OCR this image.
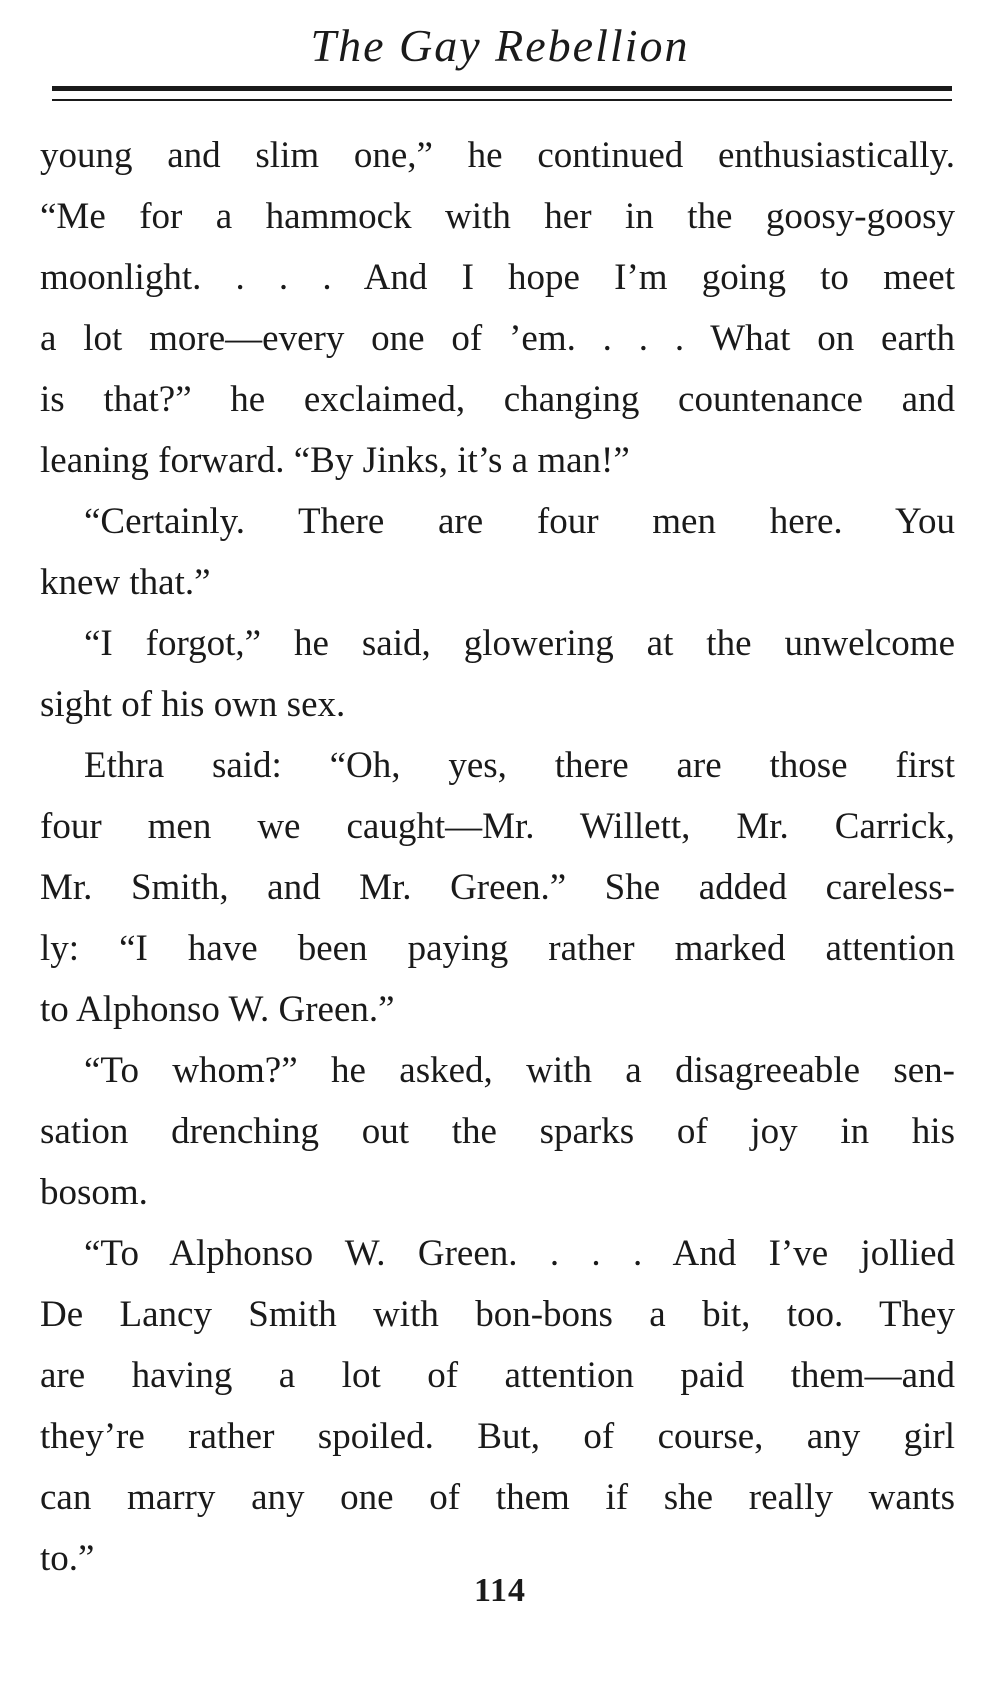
The Gay Rebellion
young and slim one,” he continued enthusiastically.
“Me for a hammock with her in the goosy-goosy
moonlight. . . . And I hope I’m going to meet
a lot more—every one of ’em. . . . What on earth
is that?” he exclaimed, changing countenance and
leaning forward. “By Jinks, it’s a man!”
“Certainly. There are four men here. You
knew that.”
“I forgot,” he said, glowering at the unwelcome
sight of his own sex.
Ethra said: “Oh, yes, there are those first
four men we caught—Mr. Willett, Mr. Carrick,
Mr. Smith, and Mr. Green.” She added careless-
ly: “I have been paying rather marked attention
to Alphonso W. Green.”
“To whom?” he asked, with a disagreeable sen-
sation drenching out the sparks of joy in his
bosom.
“To Alphonso W. Green. . . . And I’ve jollied
De Lancy Smith with bon-bons a bit, too. They
are having a lot of attention paid them—and
they’re rather spoiled. But, of course, any girl
can marry any one of them if she really wants
to.”
114
